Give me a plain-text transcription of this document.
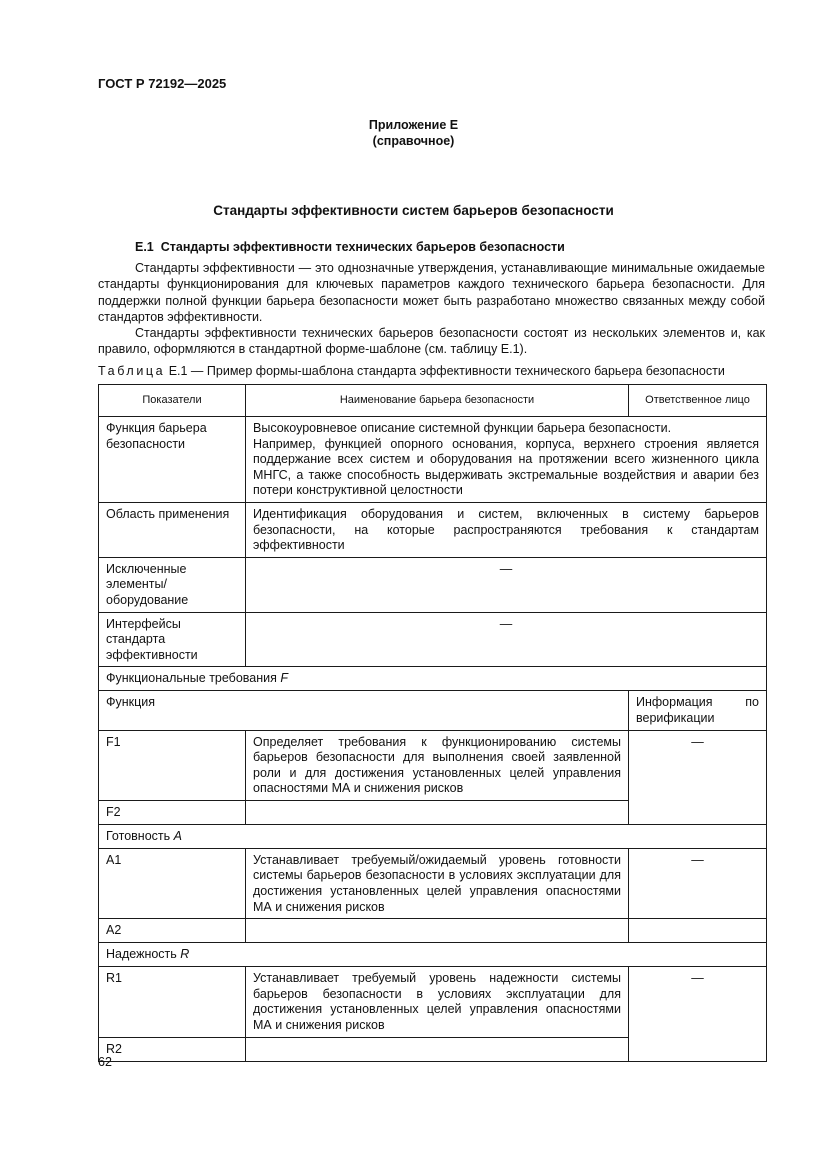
ГОСТ Р 72192—2025
Приложение Е
(справочное)
Стандарты эффективности систем барьеров безопасности
Е.1 Стандарты эффективности технических барьеров безопасности
Стандарты эффективности — это однозначные утверждения, устанавливающие минимальные ожидаемые стандарты функционирования для ключевых параметров каждого технического барьера безопасности. Для поддержки полной функции барьера безопасности может быть разработано множество связанных между собой стандартов эффективности.
Стандарты эффективности технических барьеров безопасности состоят из нескольких элементов и, как правило, оформляются в стандартной форме-шаблоне (см. таблицу Е.1).
Таблица Е.1 — Пример формы-шаблона стандарта эффективности технического барьера безопасности
Показатели	Наименование барьера безопасности	Ответственное лицо
Функция барьера безопасности	Высокоуровневое описание системной функции барьера безопасности.
Например, функцией опорного основания, корпуса, верхнего строения является поддержание всех систем и оборудования на протяжении всего жизненного цикла МНГС, а также способность выдерживать экстремальные воздействия и аварии без потери конструктивной целостности	

Область применения	Идентификация оборудования и систем, включенных в систему барьеров безопасности, на которые распространяются требования к стандартам эффективности	
Исключенные элементы/оборудование	—	
Интерфейсы стандарта эффективности	—	
Функциональные требования F		
Функция		Информация по верификации
F1	Определяет требования к функционированию системы барьеров безопасности для выполнения своей заявленной роли и для достижения установленных целей управления опасностями МА и снижения рисков	—
F2		
Готовность A		
A1	Устанавливает требуемый/ожидаемый уровень готовности системы барьеров безопасности в условиях эксплуатации для достижения установленных целей управления опасностями МА и снижения рисков	—
A2		
Надежность R		
R1	Устанавливает требуемый уровень надежности системы барьеров безопасности в условиях эксплуатации для достижения установленных целей управления опасностями МА и снижения рисков	—
R2		
62
